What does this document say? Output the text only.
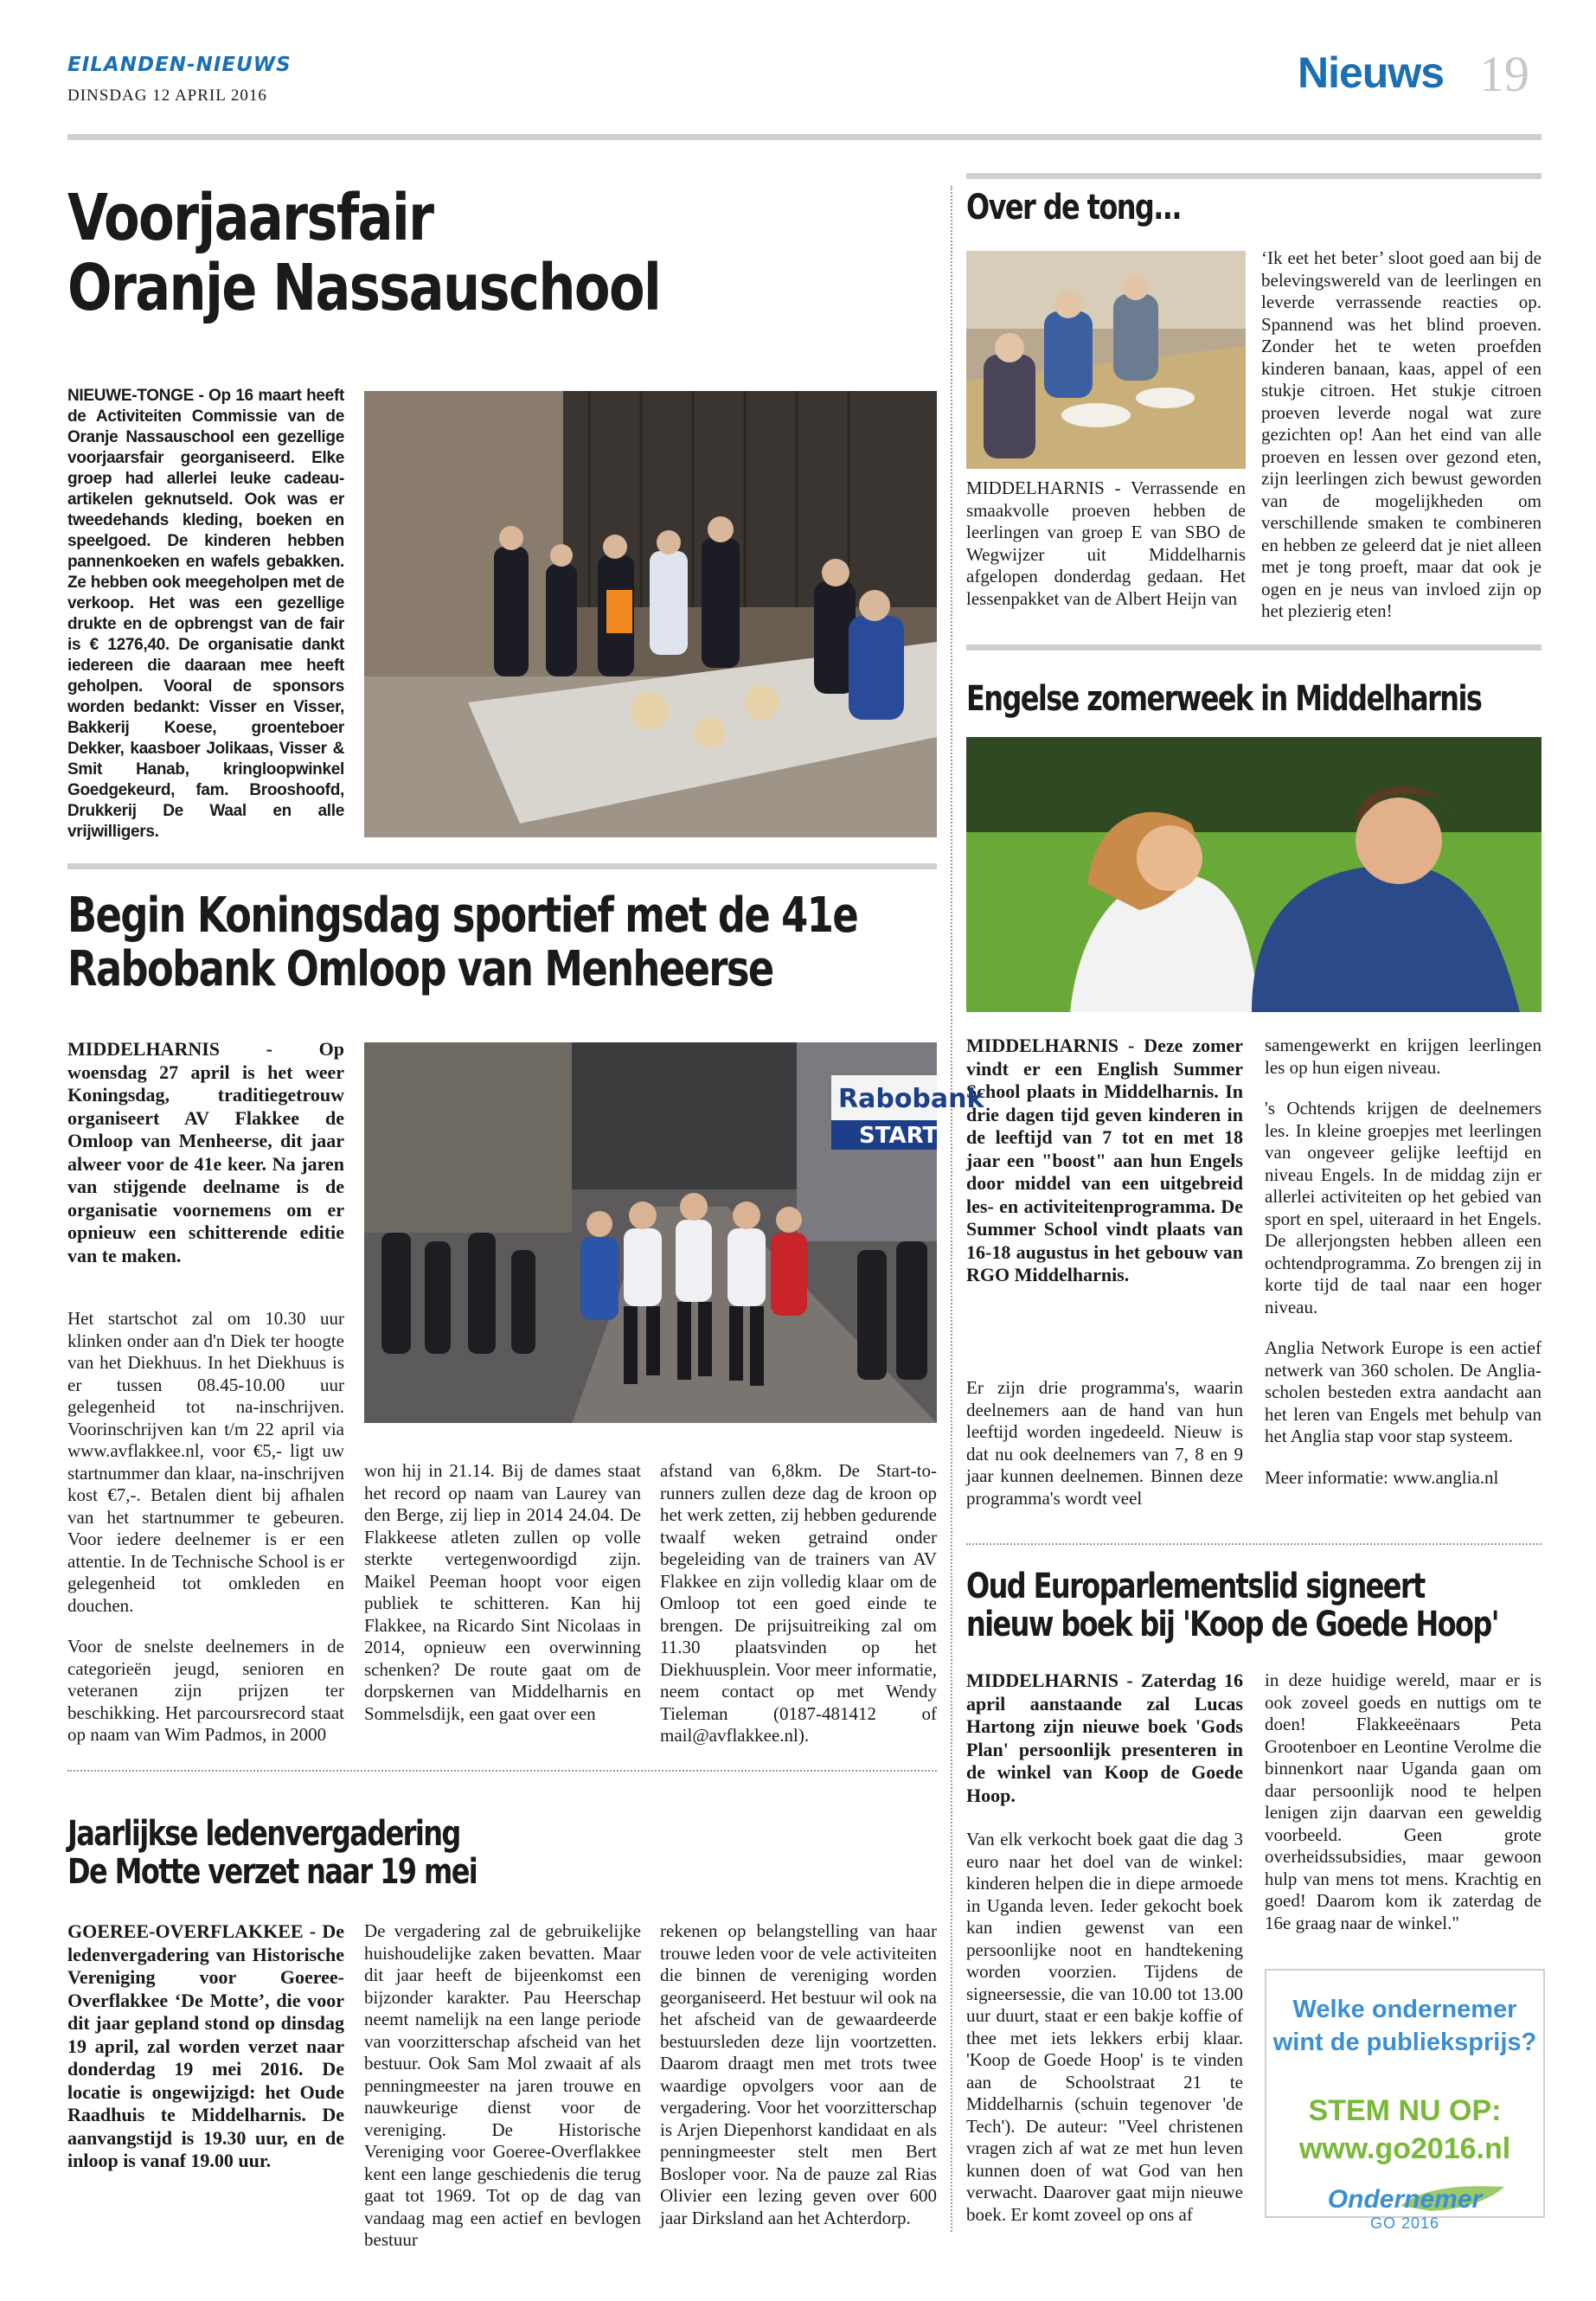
EILANDEN-NIEUWS
DINSDAG 12 APRIL 2016	Nieuws 19
Voorjaarsfair
Oranje Nassauschool
NIEUWE-TONGE - Op 16 maart heeft de Activiteiten Commissie van de Oranje Nassauschool een gezellige voorjaarsfair georganiseerd. Elke groep had allerlei leuke cadeau-artikelen geknutseld. Ook was er tweedehands kleding, boeken en speelgoed. De kinderen hebben pannenkoeken en wafels gebakken. Ze hebben ook meegeholpen met de verkoop. Het was een gezellige drukte en de opbrengst van de fair is € 1276,40. De organisatie dankt iedereen die daaraan mee heeft geholpen. Vooral de sponsors worden bedankt: Visser en Visser, Bakkerij Koese, groenteboer Dekker, kaasboer Jolikaas, Visser & Smit Hanab, kringloopwinkel Goedgekeurd, fam. Brooshoofd, Drukkerij De Waal en alle vrijwilligers.
Over de tong...
MIDDELHARNIS - Verrassende en smaakvolle proeven hebben de leerlingen van groep E van SBO de Wegwijzer uit Middelharnis afgelopen donderdag gedaan. Het lessenpakket van de Albert Heijn van
‘Ik eet het beter’ sloot goed aan bij de belevingswereld van de leerlingen en leverde verrassende reacties op. Spannend was het blind proeven. Zonder het te weten proefden kinderen banaan, kaas, appel of een stukje citroen. Het stukje citroen proeven leverde nogal wat zure gezichten op! Aan het eind van alle proeven en lessen over gezond eten, zijn leerlingen zich bewust geworden van de mogelijkheden om verschillende smaken te combineren en hebben ze geleerd dat je niet alleen met je tong proeft, maar dat ook je ogen en je neus van invloed zijn op het plezierig eten!
Engelse zomerweek in Middelharnis
MIDDELHARNIS - Deze zomer vindt er een English Summer School plaats in Middelharnis. In drie dagen tijd geven kinderen in de leeftijd van 7 tot en met 18 jaar een "boost" aan hun Engels door middel van een uitgebreid les- en activiteitenprogramma. De Summer School vindt plaats van 16-18 augustus in het gebouw van RGO Middelharnis.
Er zijn drie programma's, waarin deelnemers aan de hand van hun leeftijd worden ingedeeld. Nieuw is dat nu ook deelnemers van 7, 8 en 9 jaar kunnen deelnemen. Binnen deze programma's wordt veel

samengewerkt en krijgen leerlingen les op hun eigen niveau.

's Ochtends krijgen de deelnemers les. In kleine groepjes met leerlingen van ongeveer gelijke leeftijd en niveau Engels. In de middag zijn er allerlei activiteiten op het gebied van sport en spel, uiteraard in het Engels. De allerjongsten hebben alleen een ochtendprogramma. Zo brengen zij in korte tijd de taal naar een hoger niveau.

Anglia Network Europe is een actief netwerk van 360 scholen. De Anglia-scholen besteden extra aandacht aan het leren van Engels met behulp van het Anglia stap voor stap systeem.

Meer informatie: www.anglia.nl

Begin Koningsdag sportief met de 41e
Rabobank Omloop van Menheerse
MIDDELHARNIS - Op woensdag 27 april is het weer Koningsdag, traditiegetrouw organiseert AV Flakkee de Omloop van Menheerse, dit jaar alweer voor de 41e keer. Na jaren van stijgende deelname is de organisatie voornemens om er opnieuw een schitterende editie van te maken.
Rabobank
START

Het startschot zal om 10.30 uur klinken onder aan d'n Diek ter hoogte van het Diekhuus. In het Diekhuus is er tussen 08.45-10.00 uur gelegenheid tot na-inschrijven. Voorinschrijven kan t/m 22 april via www.avflakkee.nl, voor €5,- ligt uw startnummer dan klaar, na-inschrijven kost €7,-. Betalen dient bij afhalen van het startnummer te gebeuren. Voor iedere deelnemer is er een attentie. In de Technische School is er gelegenheid tot omkleden en douchen.

Voor de snelste deelnemers in de categorieën jeugd, senioren en veteranen zijn prijzen ter beschikking. Het parcoursrecord staat op naam van Wim Padmos, in 2000

won hij in 21.14. Bij de dames staat het record op naam van Laurey van den Berge, zij liep in 2014 24.04. De Flakkeese atleten zullen op volle sterkte vertegenwoordigd zijn. Maikel Peeman hoopt voor eigen publiek te schitteren. Kan hij Flakkee, na Ricardo Sint Nicolaas in 2014, opnieuw een overwinning schenken? De route gaat om de dorpskernen van Middelharnis en Sommelsdijk, een gaat over een
afstand van 6,8km. De Start-to-runners zullen deze dag de kroon op het werk zetten, zij hebben gedurende twaalf weken getraind onder begeleiding van de trainers van AV Flakkee en zijn volledig klaar om de Omloop tot een goed einde te brengen. De prijsuitreiking zal om 11.30 plaatsvinden op het Diekhuusplein. Voor meer informatie, neem contact op met Wendy Tieleman (0187-481412 of mail@avflakkee.nl).
Jaarlijkse ledenvergadering
De Motte verzet naar 19 mei
GOEREE-OVERFLAKKEE - De ledenvergadering van Historische Vereniging voor Goeree-Overflakkee ‘De Motte’, die voor dit jaar gepland stond op dinsdag 19 april, zal worden verzet naar donderdag 19 mei 2016. De locatie is ongewijzigd: het Oude Raadhuis te Middelharnis. De aanvangstijd is 19.30 uur, en de inloop is vanaf 19.00 uur.
De vergadering zal de gebruikelijke huishoudelijke zaken bevatten. Maar dit jaar heeft de bijeenkomst een bijzonder karakter. Pau Heerschap neemt namelijk na een lange periode van voorzitterschap afscheid van het bestuur. Ook Sam Mol zwaait af als penningmeester na jaren trouwe en nauwkeurige dienst voor de vereniging. De Historische Vereniging voor Goeree-Overflakkee kent een lange geschiedenis die terug gaat tot 1969. Tot op de dag van vandaag mag een actief en bevlogen bestuur
rekenen op belangstelling van haar trouwe leden voor de vele activiteiten die binnen de vereniging worden georganiseerd. Het bestuur wil ook na het afscheid van de gewaardeerde bestuursleden deze lijn voortzetten. Daarom draagt men met trots twee waardige opvolgers voor aan de vergadering. Voor het voorzitterschap is Arjen Diepenhorst kandidaat en als penningmeester stelt men Bert Bosloper voor. Na de pauze zal Rias Olivier een lezing geven over 600 jaar Dirksland aan het Achterdorp.
Oud Europarlementslid signeert
nieuw boek bij 'Koop de Goede Hoop'
MIDDELHARNIS - Zaterdag 16 april aanstaande zal Lucas Hartong zijn nieuwe boek 'Gods Plan' persoonlijk presenteren in de winkel van Koop de Goede Hoop.
Van elk verkocht boek gaat die dag 3 euro naar het doel van de winkel: kinderen helpen die in diepe armoede in Uganda leven. Ieder gekocht boek kan indien gewenst van een persoonlijke noot en handtekening worden voorzien. Tijdens de signeersessie, die van 10.00 tot 13.00 uur duurt, staat er een bakje koffie of thee met iets lekkers erbij klaar. 'Koop de Goede Hoop' is te vinden aan de Schoolstraat 21 te Middelharnis (schuin tegenover 'de Tech'). De auteur: "Veel christenen vragen zich af wat ze met hun leven kunnen doen of wat God van hen verwacht. Daarover gaat mijn nieuwe boek. Er komt zoveel op ons af
in deze huidige wereld, maar er is ook zoveel goeds en nuttigs om te doen! Flakkeeënaars Peta Grootenboer en Leontine Verolme die binnenkort naar Uganda gaan om daar persoonlijk nood te helpen lenigen zijn daarvan een geweldig voorbeeld. Geen grote overheidssubsidies, maar gewoon hulp van mens tot mens. Krachtig en goed! Daarom kom ik zaterdag de 16e graag naar de winkel."
Welke ondernemer wint de publieksprijs?
STEM NU OP: www.go2016.nl
Ondernemer
GO 2016
